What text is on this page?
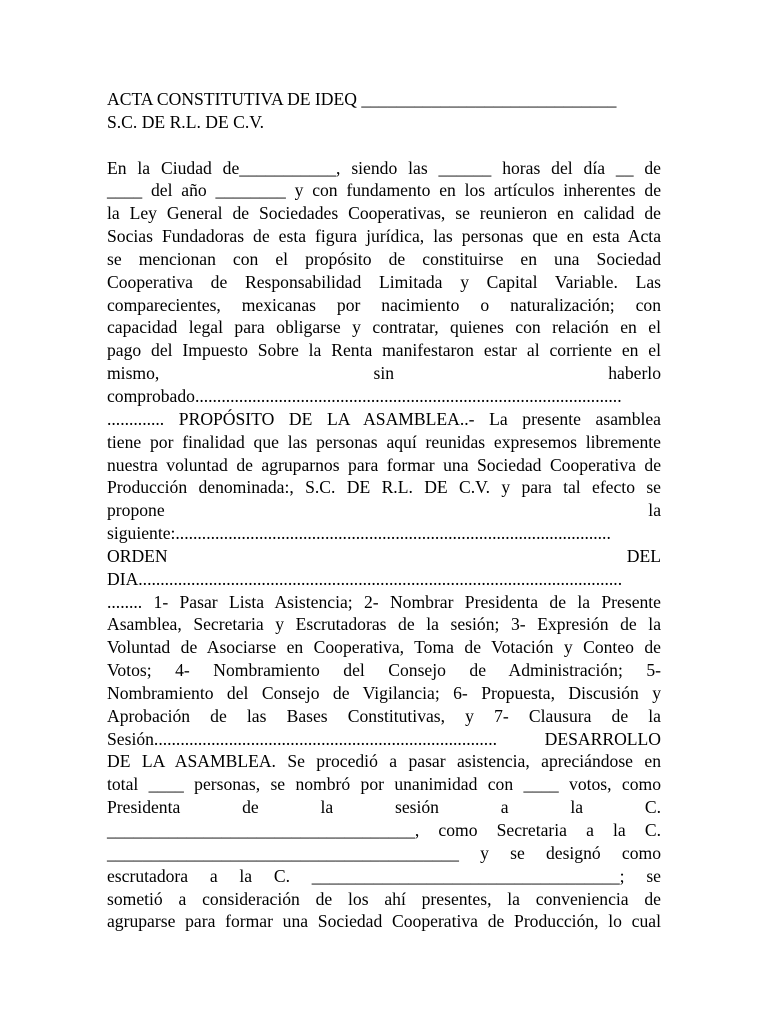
ACTA CONSTITUTIVA DE IDEQ _____________________________
S.C. DE R.L. DE C.V.
En la Ciudad de___________, siendo las ______ horas del día __ de
____ del año ________ y con fundamento en los artículos inherentes de
la Ley General de Sociedades Cooperativas, se reunieron en calidad de
Socias Fundadoras de esta figura jurídica, las personas que en esta Acta
se mencionan con el propósito de constituirse en una Sociedad
Cooperativa de Responsabilidad Limitada y Capital Variable. Las
comparecientes, mexicanas por nacimiento o naturalización; con
capacidad legal para obligarse y contratar, quienes con relación en el
pago del Impuesto Sobre la Renta manifestaron estar al corriente en el
mismo, sin haberlo
comprobado.................................................................................................
............. PROPÓSITO DE LA ASAMBLEA..- La presente asamblea
tiene por finalidad que las personas aquí reunidas expresemos libremente
nuestra voluntad de agruparnos para formar una Sociedad Cooperativa de
Producción denominada:, S.C. DE R.L. DE C.V. y para tal efecto se
propone la
siguiente:...................................................................................................
ORDEN DEL
DIA..............................................................................................................
........ 1- Pasar Lista Asistencia; 2- Nombrar Presidenta de la Presente
Asamblea, Secretaria y Escrutadoras de la sesión; 3- Expresión de la
Voluntad de Asociarse en Cooperativa, Toma de Votación y Conteo de
Votos; 4- Nombramiento del Consejo de Administración; 5-
Nombramiento del Consejo de Vigilancia; 6- Propuesta, Discusión y
Aprobación de las Bases Constitutivas, y 7- Clausura de la
Sesión.............................................................................. DESARROLLO
DE LA ASAMBLEA. Se procedió a pasar asistencia, apreciándose en
total ____ personas, se nombró por unanimidad con ____ votos, como
Presidenta de la sesión a la C.
___________________________________, como Secretaria a la C.
________________________________________ y se designó como
escrutadora a la C. ___________________________________; se
sometió a consideración de los ahí presentes, la conveniencia de
agruparse para formar una Sociedad Cooperativa de Producción, lo cual
